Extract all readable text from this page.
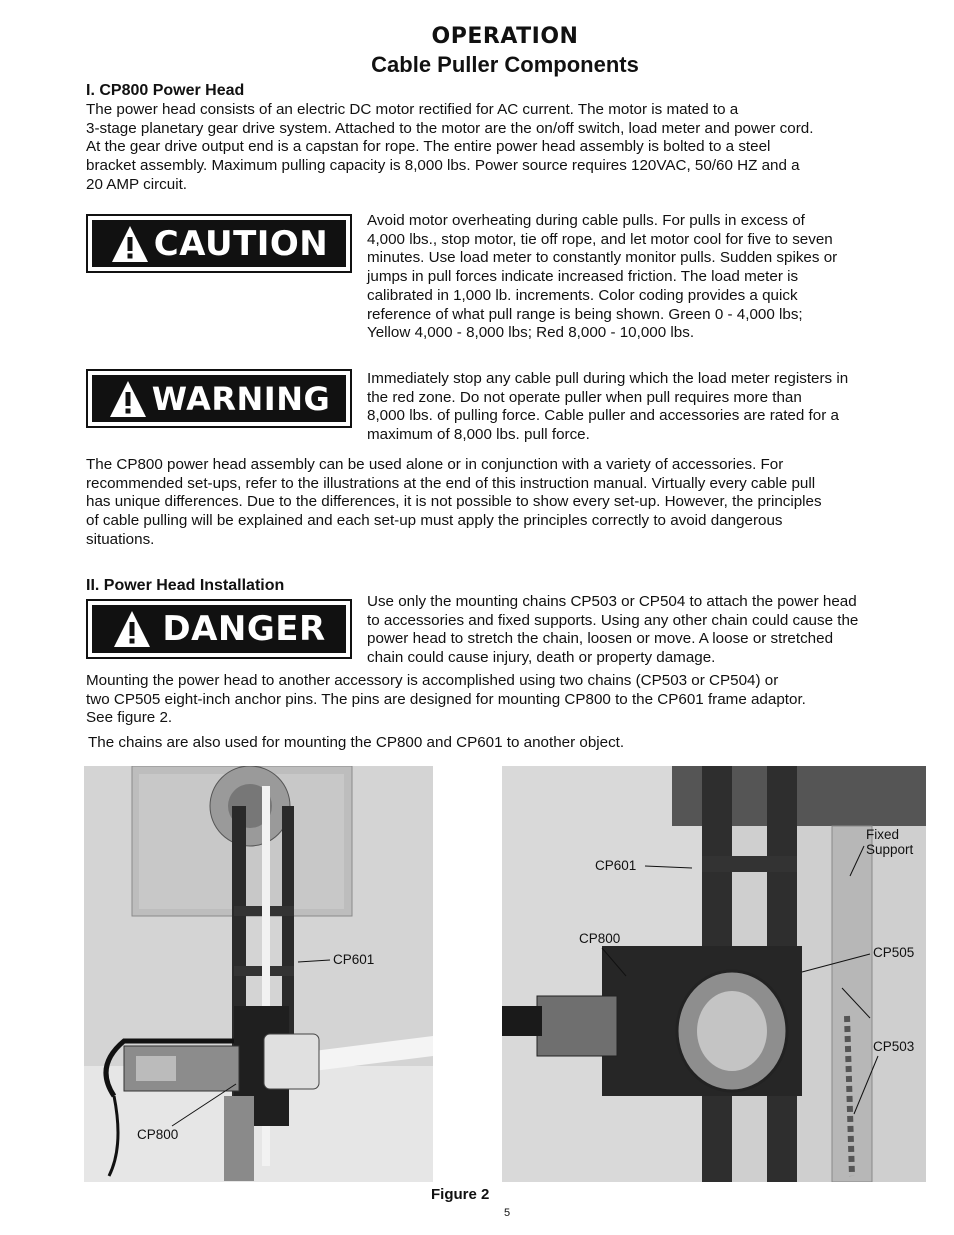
OPERATION
Cable Puller Components
I. CP800 Power Head
The power head consists of an electric DC motor rectified for AC current. The motor is mated to a
3-stage planetary gear drive system. Attached to the motor are the on/off switch, load meter and power cord.
At the gear drive output end is a capstan for rope. The entire power head assembly is bolted to a steel
bracket assembly. Maximum pulling capacity is 8,000 lbs. Power source requires 120VAC, 50/60 HZ and a
20 AMP circuit.
CAUTION
Avoid motor overheating during cable pulls. For pulls in excess of
4,000 lbs., stop motor, tie off rope, and let motor cool for five to seven
minutes. Use load meter to constantly monitor pulls. Sudden spikes or
jumps in pull forces indicate increased friction. The load meter is
calibrated in 1,000 lb. increments. Color coding provides a quick
reference of what pull range is being shown. Green 0 - 4,000 lbs;
Yellow 4,000 - 8,000 lbs; Red 8,000 - 10,000 lbs.
WARNING
Immediately stop any cable pull during which the load meter registers in
the red zone. Do not operate puller when pull requires more than
8,000 lbs. of pulling force. Cable puller and accessories are rated for a
maximum of 8,000 lbs. pull force.
The CP800 power head assembly can be used alone or in conjunction with a variety of accessories. For
recommended set-ups, refer to the illustrations at the end of this instruction manual. Virtually every cable pull
has unique differences. Due to the differences, it is not possible to show every set-up. However, the principles
of cable pulling will be explained and each set-up must apply the principles correctly to avoid dangerous
situations.
II. Power Head Installation
DANGER
Use only the mounting chains CP503 or CP504 to attach the power head
to accessories and fixed supports. Using any other chain could cause the
power head to stretch the chain, loosen or move. A loose or stretched
chain could cause injury, death or property damage.
Mounting the power head to another accessory is accomplished using two chains (CP503 or CP504) or
two CP505 eight-inch anchor pins. The pins are designed for mounting CP800 to the CP601 frame adaptor.
See figure 2.
The chains are also used for mounting the CP800 and CP601 to another object.
CP601
CP800
CP601
CP800
Fixed
Support
CP505
CP503
Figure 2
5
